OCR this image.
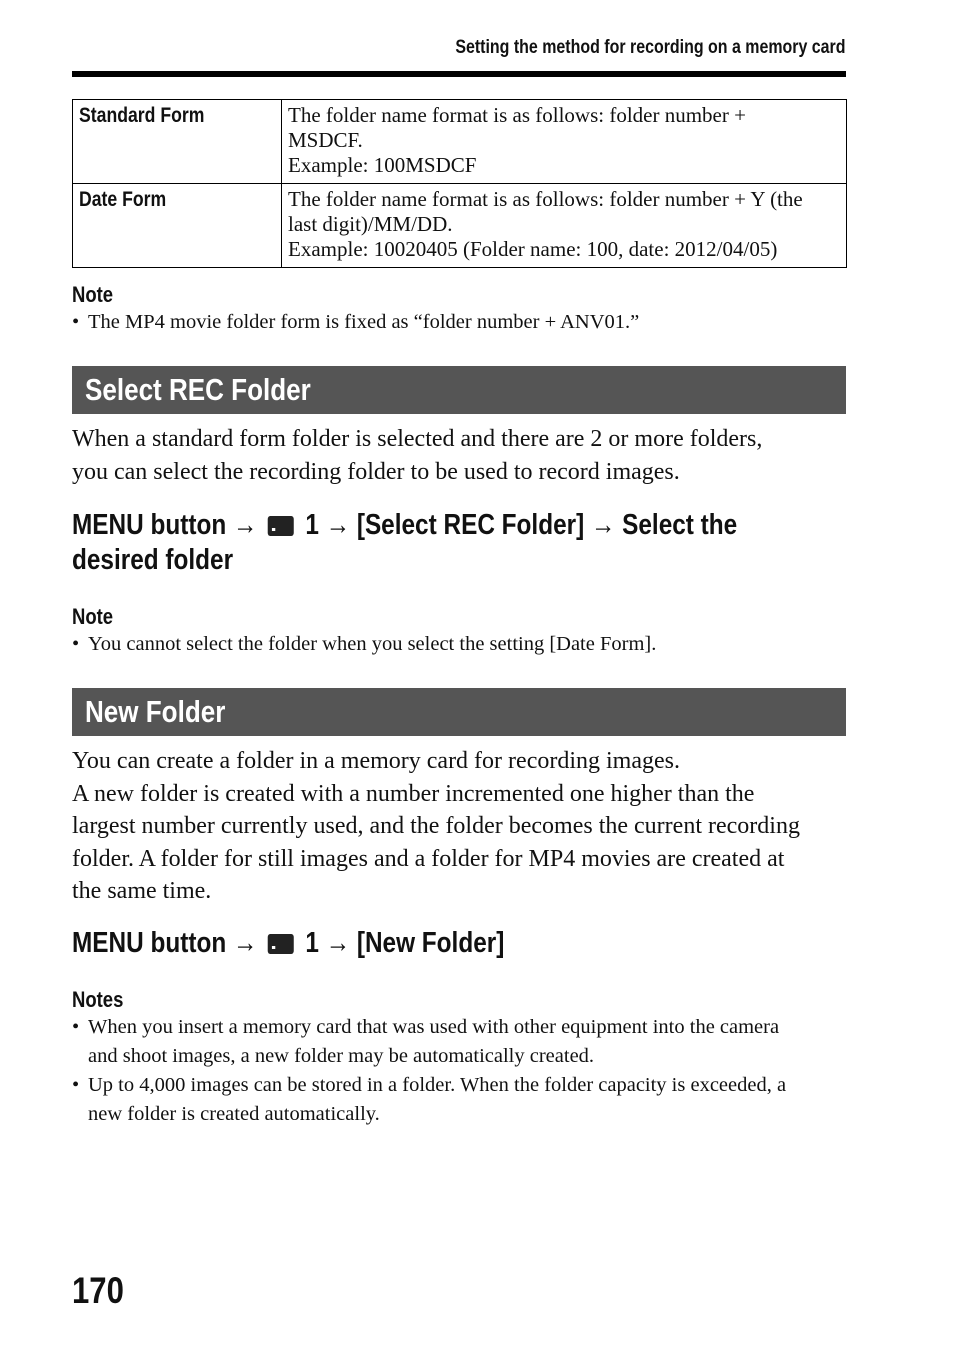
Setting the method for recording on a memory card
Standard Form	The folder name format is as follows: folder number +
MSDCF.
Example: 100MSDCF

Date Form	The folder name format is as follows: folder number + Y (the
last digit)/MM/DD.
Example: 10020405 (Folder name: 100, date: 2012/04/05)
Note
• The MP4 movie folder form is fixed as “folder number + ANV01.”
Select REC Folder
When a standard form folder is selected and there are 2 or more folders,
you can select the recording folder to be used to record images.
MENU button → 1 → [Select REC Folder] → Select the
desired folder
Note
• You cannot select the folder when you select the setting [Date Form].
New Folder
You can create a folder in a memory card for recording images.
A new folder is created with a number incremented one higher than the
largest number currently used, and the folder becomes the current recording
folder. A folder for still images and a folder for MP4 movies are created at
the same time.
MENU button → 1 → [New Folder]
Notes
• When you insert a memory card that was used with other equipment into the camera
and shoot images, a new folder may be automatically created.
• Up to 4,000 images can be stored in a folder. When the folder capacity is exceeded, a
new folder is created automatically.
170
